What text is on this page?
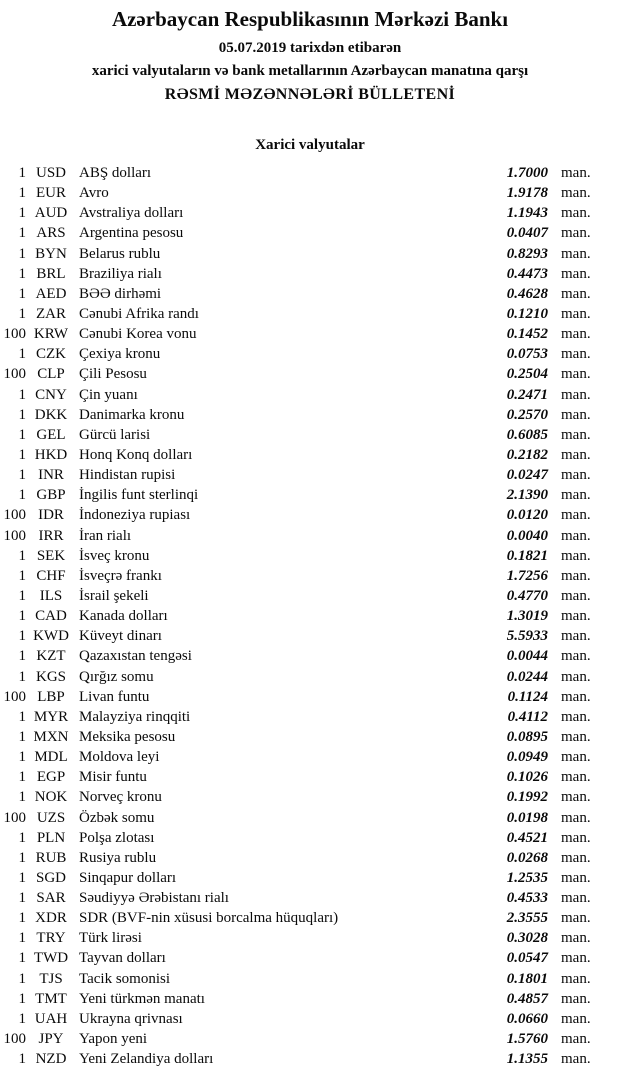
Azərbaycan Respublikasının Mərkəzi Bankı
05.07.2019 tarixdən etibarən
xarici valyutaların və bank metallarının Azərbaycan manatına qarşı
RƏSMİ MƏZƏNNƏLƏRİ BÜLLETENİ
Xarici valyutalar
1 USD ABŞ dolları	1.7000 man.
1 EUR Avro	1.9178 man.
1 AUD Avstraliya dolları	1.1943 man.
1 ARS Argentina pesosu	0.0407 man.
1 BYN Belarus rublu	0.8293 man.
1 BRL Braziliya rialı	0.4473 man.
1 AED BƏƏ dirhəmi	0.4628 man.
1 ZAR Cənubi Afrika randı	0.1210 man.
100 KRW Cənubi Korea vonu	0.1452 man.
1 CZK Çexiya kronu	0.0753 man.
100 CLP Çili Pesosu	0.2504 man.
1 CNY Çin yuanı	0.2471 man.
1 DKK Danimarka kronu	0.2570 man.
1 GEL Gürcü larisi	0.6085 man.
1 HKD Honq Konq dolları	0.2182 man.
1 INR	Hindistan rupisi	0.0247 man.
1 GBP İngilis funt sterlinqi	2.1390 man.
100 IDR	İndoneziya rupiası	0.0120 man.
100 IRR	İran rialı	0.0040 man.
1 SEK İsveç kronu	0.1821 man.
1 CHF İsveçrə frankı	1.7256 man.
1 ILS	İsrail şekeli	0.4770 man.
1 CAD Kanada dolları	1.3019 man.
1 KWD Küveyt dinarı	5.5933 man.
1 KZT Qazaxıstan tengəsi	0.0044 man.
1 KGS Qırğız somu	0.0244 man.
100 LBP Livan funtu	0.1124 man.
1 MYR Malayziya rinqqiti	0.4112 man.
1 MXN Meksika pesosu	0.0895 man.
1 MDL Moldova leyi	0.0949 man.
1 EGP Misir funtu	0.1026 man.
1 NOK Norveç kronu	0.1992 man.
100 UZS Özbək somu	0.0198 man.
1 PLN Polşa zlotası	0.4521 man.
1 RUB Rusiya rublu	0.0268 man.
1 SGD Sinqapur dolları	1.2535 man.
1 SAR Səudiyyə Ərəbistanı rialı	0.4533 man.
1 XDR SDR (BVF-nin xüsusi borcalma hüquqları)	2.3555 man.
1 TRY Türk lirəsi	0.3028 man.
1 TWD Tayvan dolları	0.0547 man.
1 TJS	Tacik somonisi	0.1801 man.
1 TMT Yeni türkmən manatı	0.4857 man.
1 UAH Ukrayna qrivnası	0.0660 man.
100 JPY	Yapon yeni	1.5760 man.
1 NZD Yeni Zelandiya dolları	1.1355 man.
